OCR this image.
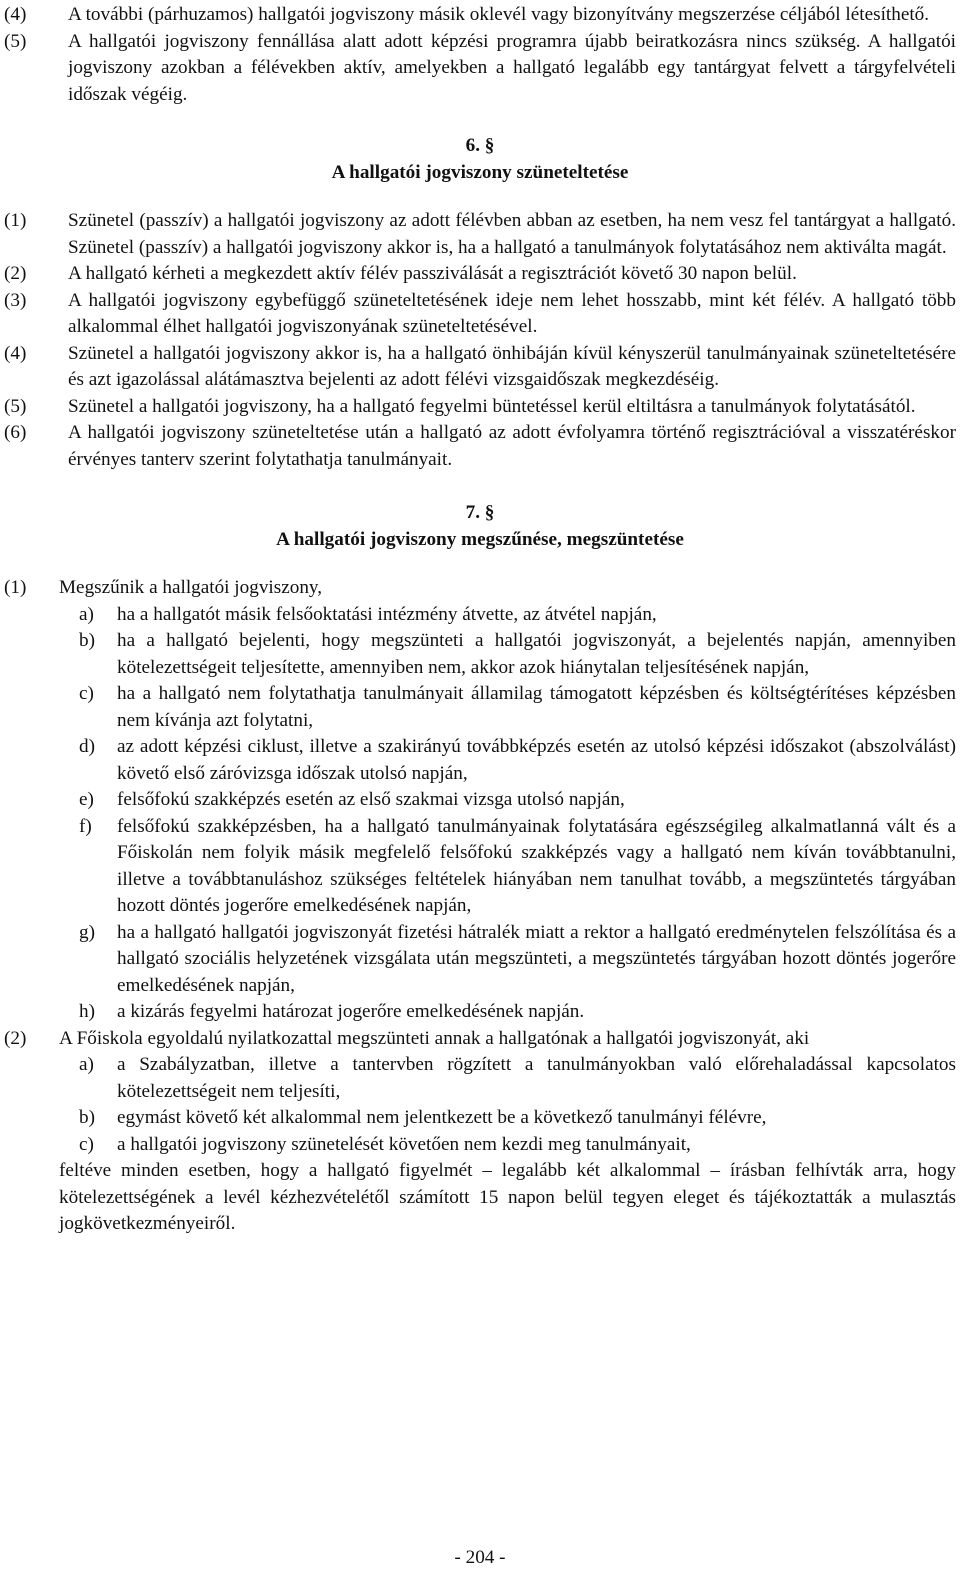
(4) A további (párhuzamos) hallgatói jogviszony másik oklevél vagy bizonyítvány megszerzése céljából létesíthető.
(5) A hallgatói jogviszony fennállása alatt adott képzési programra újabb beiratkozásra nincs szükség. A hallgatói jogviszony azokban a félévekben aktív, amelyekben a hallgató legalább egy tantárgyat felvett a tárgyfelvételi időszak végéig.

6. §

A hallgatói jogviszony szüneteltetése

(1) Szünetel (passzív) a hallgatói jogviszony az adott félévben abban az esetben, ha nem vesz fel tantárgyat a hallgató. Szünetel (passzív) a hallgatói jogviszony akkor is, ha a hallgató a tanulmányok folytatásához nem aktiválta magát.
(2) A hallgató kérheti a megkezdett aktív félév passziválását a regisztrációt követő 30 napon belül.
(3) A hallgatói jogviszony egybefüggő szüneteltetésének ideje nem lehet hosszabb, mint két félév. A hallgató több alkalommal élhet hallgatói jogviszonyának szüneteltetésével.
(4) Szünetel a hallgatói jogviszony akkor is, ha a hallgató önhibáján kívül kényszerül tanulmányainak szüneteltetésére és azt igazolással alátámasztva bejelenti az adott félévi vizsgaidőszak megkezdéséig.
(5) Szünetel a hallgatói jogviszony, ha a hallgató fegyelmi büntetéssel kerül eltiltásra a tanulmányok folytatásától.
(6) A hallgatói jogviszony szüneteltetése után a hallgató az adott évfolyamra történő regisztrációval a visszatéréskor érvényes tanterv szerint folytathatja tanulmányait.

7. §

A hallgatói jogviszony megszűnése, megszüntetése

(1) Megszűnik a hallgatói jogviszony,
a) ha a hallgatót másik felsőoktatási intézmény átvette, az átvétel napján,
b) ha a hallgató bejelenti, hogy megszünteti a hallgatói jogviszonyát, a bejelentés napján, amennyiben kötelezettségeit teljesítette, amennyiben nem, akkor azok hiánytalan teljesítésének napján,
c) ha a hallgató nem folytathatja tanulmányait államilag támogatott képzésben és költségtérítéses képzésben nem kívánja azt folytatni,
d) az adott képzési ciklust, illetve a szakirányú továbbképzés esetén az utolsó képzési időszakot (abszolválást) követő első záróvizsga időszak utolsó napján,
e) felsőfokú szakképzés esetén az első szakmai vizsga utolsó napján,
f) felsőfokú szakképzésben, ha a hallgató tanulmányainak folytatására egészségileg alkalmatlanná vált és a Főiskolán nem folyik másik megfelelő felsőfokú szakképzés vagy a hallgató nem kíván továbbtanulni, illetve a továbbtanuláshoz szükséges feltételek hiányában nem tanulhat tovább, a megszüntetés tárgyában hozott döntés jogerőre emelkedésének napján,
g) ha a hallgató hallgatói jogviszonyát fizetési hátralék miatt a rektor a hallgató eredménytelen felszólítása és a hallgató szociális helyzetének vizsgálata után megszünteti, a megszüntetés tárgyában hozott döntés jogerőre emelkedésének napján,
h) a kizárás fegyelmi határozat jogerőre emelkedésének napján.
(2) A Főiskola egyoldalú nyilatkozattal megszünteti annak a hallgatónak a hallgatói jogviszonyát, aki
a) a Szabályzatban, illetve a tantervben rögzített a tanulmányokban való előrehaladással kapcsolatos kötelezettségeit nem teljesíti,
b) egymást követő két alkalommal nem jelentkezett be a következő tanulmányi félévre,
c) a hallgatói jogviszony szünetelését követően nem kezdi meg tanulmányait,

feltéve minden esetben, hogy a hallgató figyelmét – legalább két alkalommal – írásban felhívták arra, hogy kötelezettségének a levél kézhezvételétől számított 15 napon belül tegyen eleget és tájékoztatták a mulasztás jogkövetkezményeiről.

- 204 -
